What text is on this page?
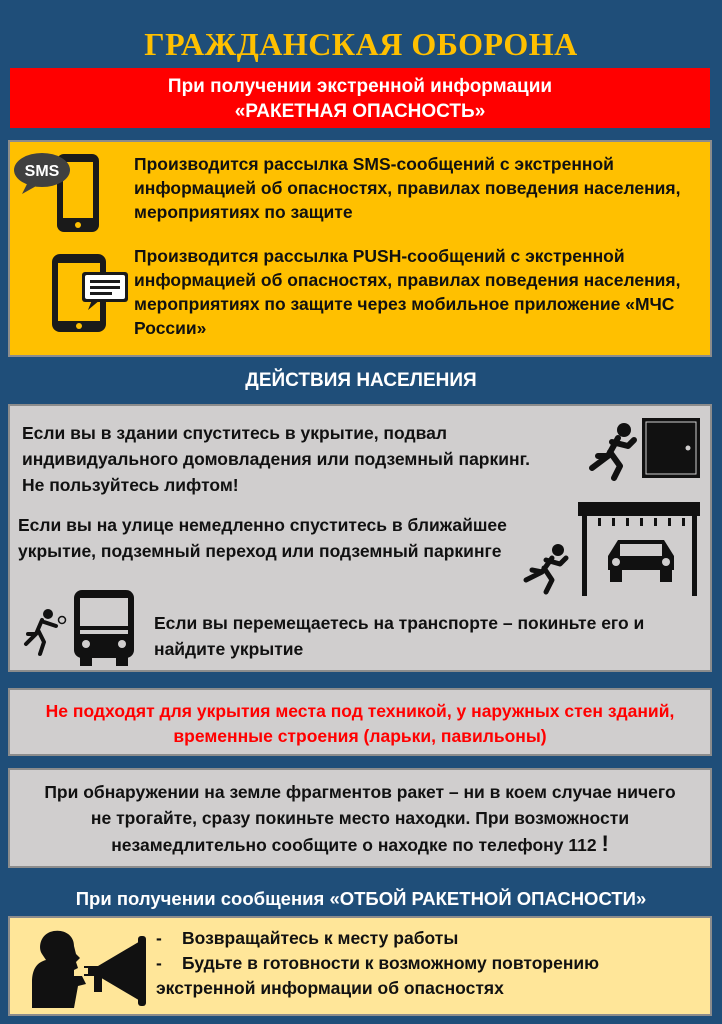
ГРАЖДАНСКАЯ ОБОРОНА
При получении экстренной информации
«РАКЕТНАЯ ОПАСНОСТЬ»
SMS	Производится рассылка SMS-сообщений с экстренной информацией об опасностях, правилах поведения населения, мероприятиях по защите
Производится рассылка PUSH-сообщений с экстренной информацией об опасностях, правилах поведения населения, мероприятиях по защите через мобильное приложение «МЧС России»
ДЕЙСТВИЯ НАСЕЛЕНИЯ
Если вы в здании спуститесь в укрытие, подвал индивидуального домовладения или подземный паркинг. Не пользуйтесь лифтом!
Если вы на улице немедленно спуститесь в ближайшее укрытие, подземный переход или подземный паркинге
Если вы перемещаетесь на транспорте – покиньте его и найдите укрытие
Не подходят для укрытия места под техникой, у наружных стен зданий,
временные строения (ларьки, павильоны)
При обнаружении на земле фрагментов ракет – ни в коем случае ничего
не трогайте, сразу покиньте место находки. При возможности
незамедлительно сообщите о находке по телефону 112 !
При получении сообщения «ОТБОЙ РАКЕТНОЙ ОПАСНОСТИ»
-	Возвращайтесь к месту работы
-	Будьте в готовности к возможному повторению
экстренной информации об опасностях
